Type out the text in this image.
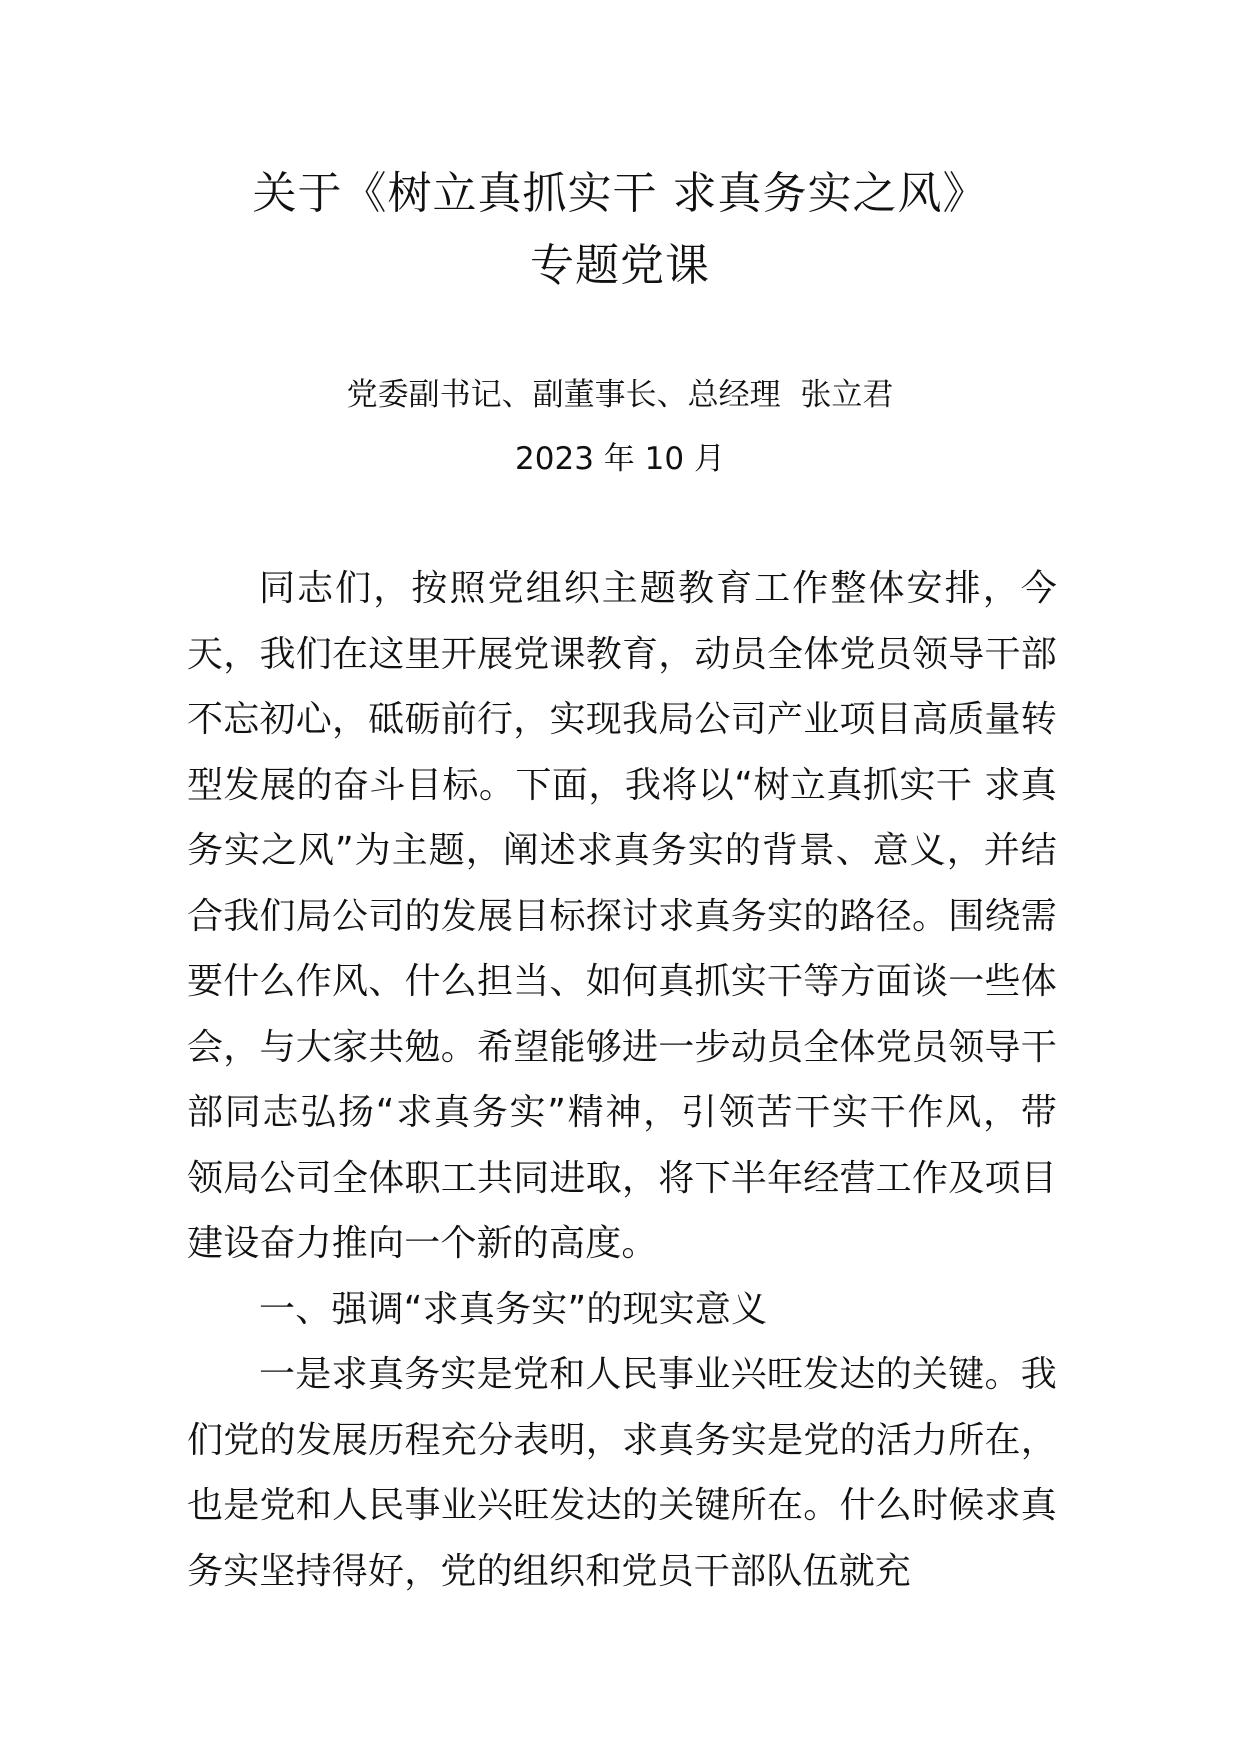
关于《树立真抓实干 求真务实之风》
专题党课
党委副书记、副董事长、总经理  张立君
2023 年 10 月

同志们，按照党组织主题教育工作整体安排，今天，我们在这里开展党课教育，动员全体党员领导干部不忘初心，砥砺前行，实现我局公司产业项目高质量转型发展的奋斗目标。下面，我将以“树立真抓实干 求真务实之风”为主题，阐述求真务实的背景、意义，并结合我们局公司的发展目标探讨求真务实的路径。围绕需要什么作风、什么担当、如何真抓实干等方面谈一些体会，与大家共勉。希望能够进一步动员全体党员领导干部同志弘扬“求真务实”精神，引领苦干实干作风，带领局公司全体职工共同进取，将下半年经营工作及项目建设奋力推向一个新的高度。

一、强调“求真务实”的现实意义

一是求真务实是党和人民事业兴旺发达的关键。我们党的发展历程充分表明，求真务实是党的活力所在，也是党和人民事业兴旺发达的关键所在。什么时候求真务实坚持得好，党的组织和党员干部队伍就充
